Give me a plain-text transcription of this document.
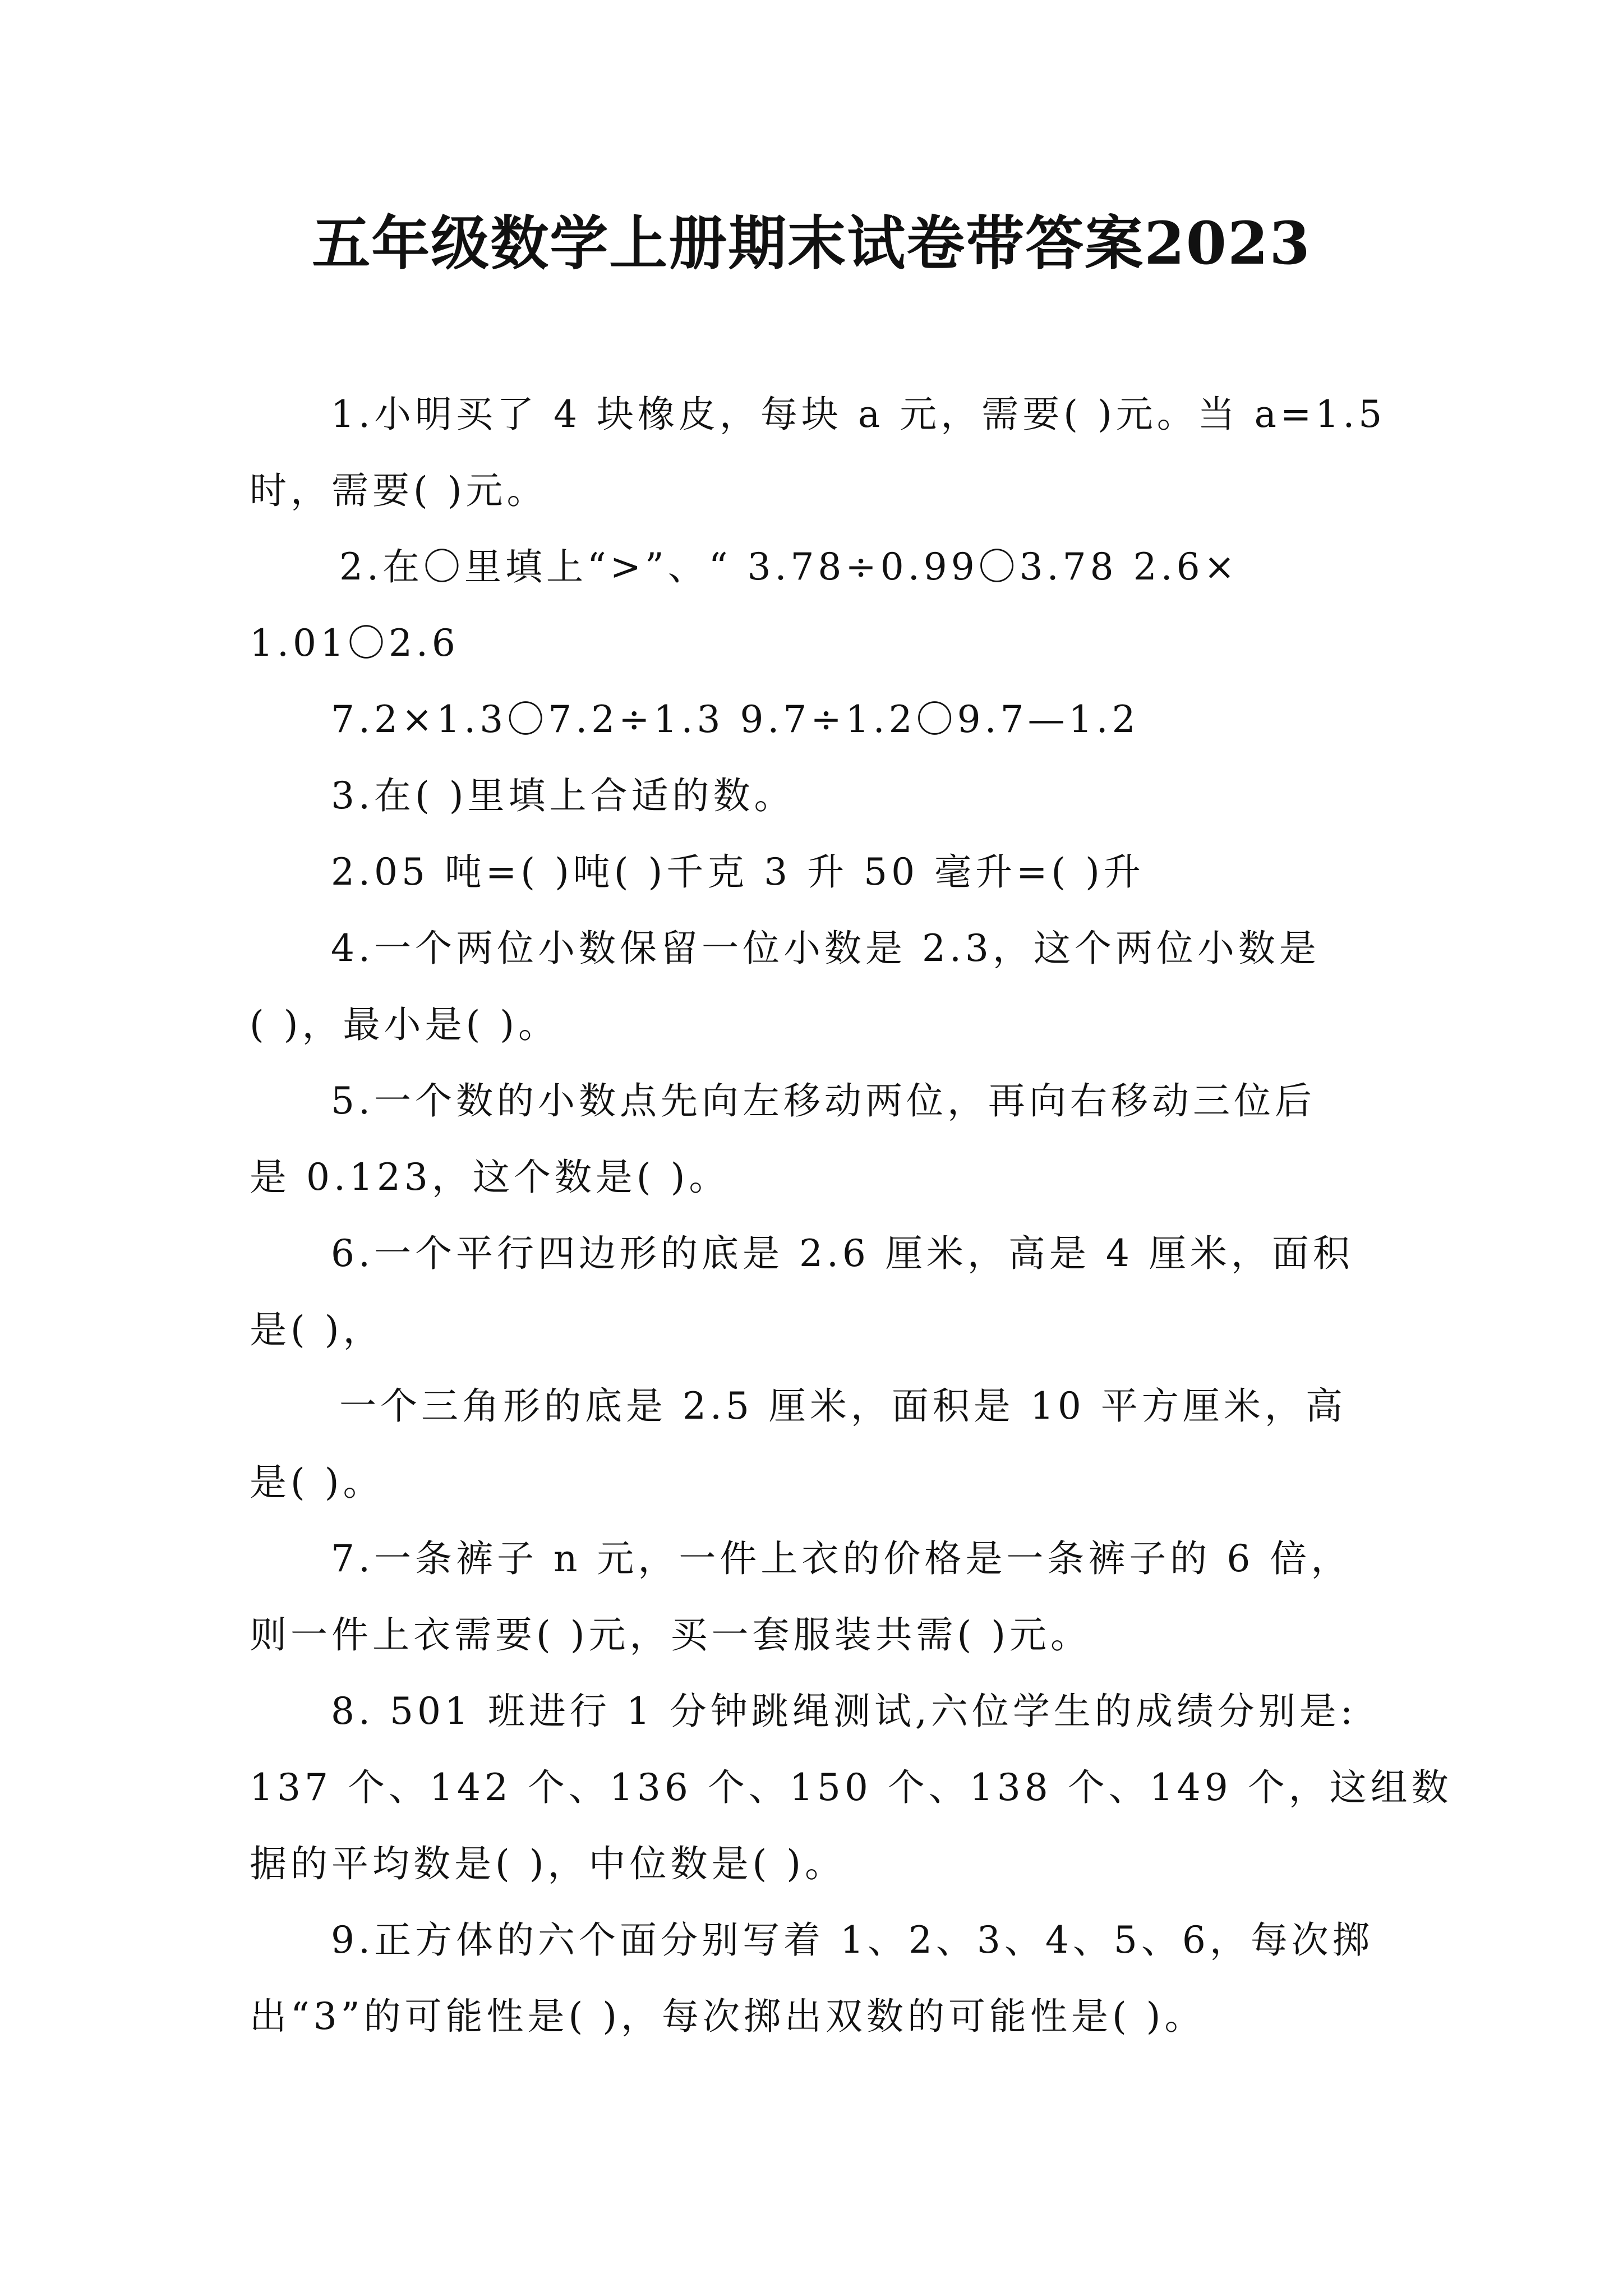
五年级数学上册期末试卷带答案2023
1.小明买了 4 块橡皮，每块 a 元，需要( )元。当 a=1.5
时，需要( )元。
2.在〇里填上“>”、“ 3.78÷0.99〇3.78 2.6×
1.01〇2.6
7.2×1.3〇7.2÷1.3 9.7÷1.2〇9.7—1.2
3.在( )里填上合适的数。
2.05 吨=( )吨( )千克 3 升 50 毫升=( )升
4.一个两位小数保留一位小数是 2.3，这个两位小数是
( )，最小是( )。
5.一个数的小数点先向左移动两位，再向右移动三位后
是 0.123，这个数是( )。
6.一个平行四边形的底是 2.6 厘米，高是 4 厘米，面积
是( )，
一个三角形的底是 2.5 厘米，面积是 10 平方厘米，高
是( )。
7.一条裤子 n 元，一件上衣的价格是一条裤子的 6 倍，
则一件上衣需要( )元，买一套服装共需( )元。
8. 501 班进行 1 分钟跳绳测试,六位学生的成绩分别是:
137 个、142 个、136 个、150 个、138 个、149 个，这组数
据的平均数是( )，中位数是( )。
9.正方体的六个面分别写着 1、2、3、4、5、6，每次掷
出“3”的可能性是( )，每次掷出双数的可能性是( )。
